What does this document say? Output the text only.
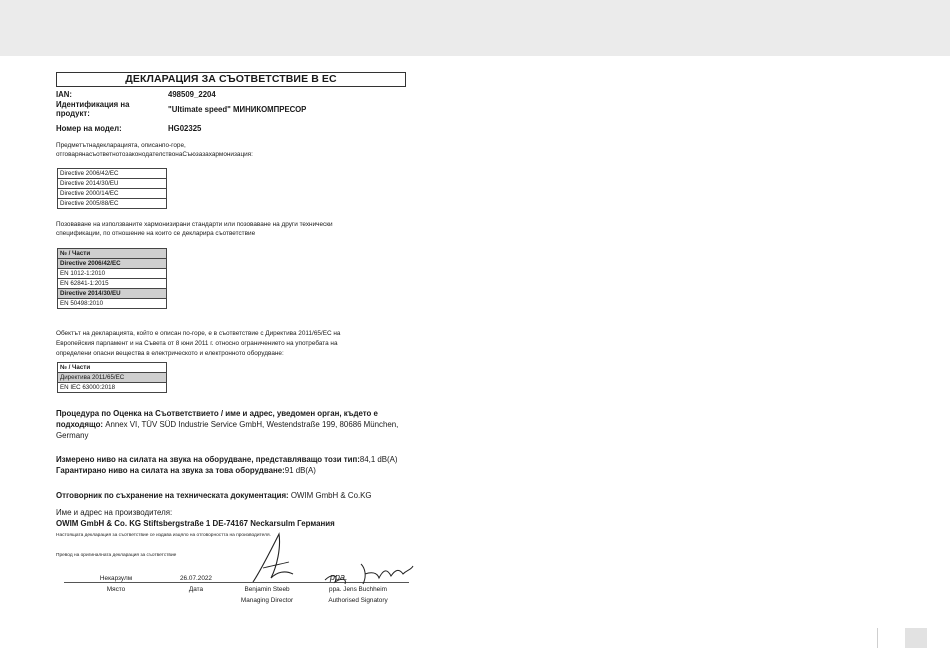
ДЕКЛАРАЦИЯ ЗА СЪОТВЕТСТВИЕ В ЕС
IAN:	498509_2204
Идентификация на продукт:	"Ultimate speed" МИНИКОМПРЕСОР
Номер на модел:	HG02325
Предметътнадекларацията, описанпо-горе,
отговарянасъответнотозаконодателствонаСъюзазахармонизация:
Directive 2006/42/EC
Directive 2014/30/EU
Directive 2000/14/EC
Directive 2005/88/EC
Позоваване на използваните хармонизирани стандарти или позоваване на други технически
спецификации, по отношение на които се декларира съответствие
№ / Части
Directive 2006/42/EC
EN 1012-1:2010
EN 62841-1:2015
Directive 2014/30/EU
EN 50498:2010
Обектът на декларацията, който е описан по-горе, е в съответствие с Директива 2011/65/ЕС на
Европейския парламент и на Съвета от 8 юни 2011 г. относно ограничението на употребата на
определени опасни вещества в електрическото и електронното оборудване:
№ / Части
Директива 2011/65/ЕС
EN IEC 63000:2018
Процедура по Оценка на Съответствието / име и адрес, уведомен орган, където е подходящо: Annex VI, TÜV SÜD Industrie Service GmbH, Westendstraße 199, 80686 München, Germany
Измерено ниво на силата на звука на оборудване, представляващо този тип:84,1 dB(A)
Гарантирано ниво на силата на звука за това оборудване:91 dB(A)
Отговорник по съхранение на техническата документация: OWIM GmbH & Co.KG
Име и адрес на производителя:
OWIM GmbH & Co. KG Stiftsbergstraße 1 DE-74167 Neckarsulm Германия
Настоящата декларация за съответствие се издава изцяло на отговорността на производителя.
Превод на оригиналната декларация за съответствие
Некарзулм	26.07.2022
Място	Дата	Benjamin Steeb
Managing Director
ppa. Jens Buchheim
Authorised Signatory
ppa.
